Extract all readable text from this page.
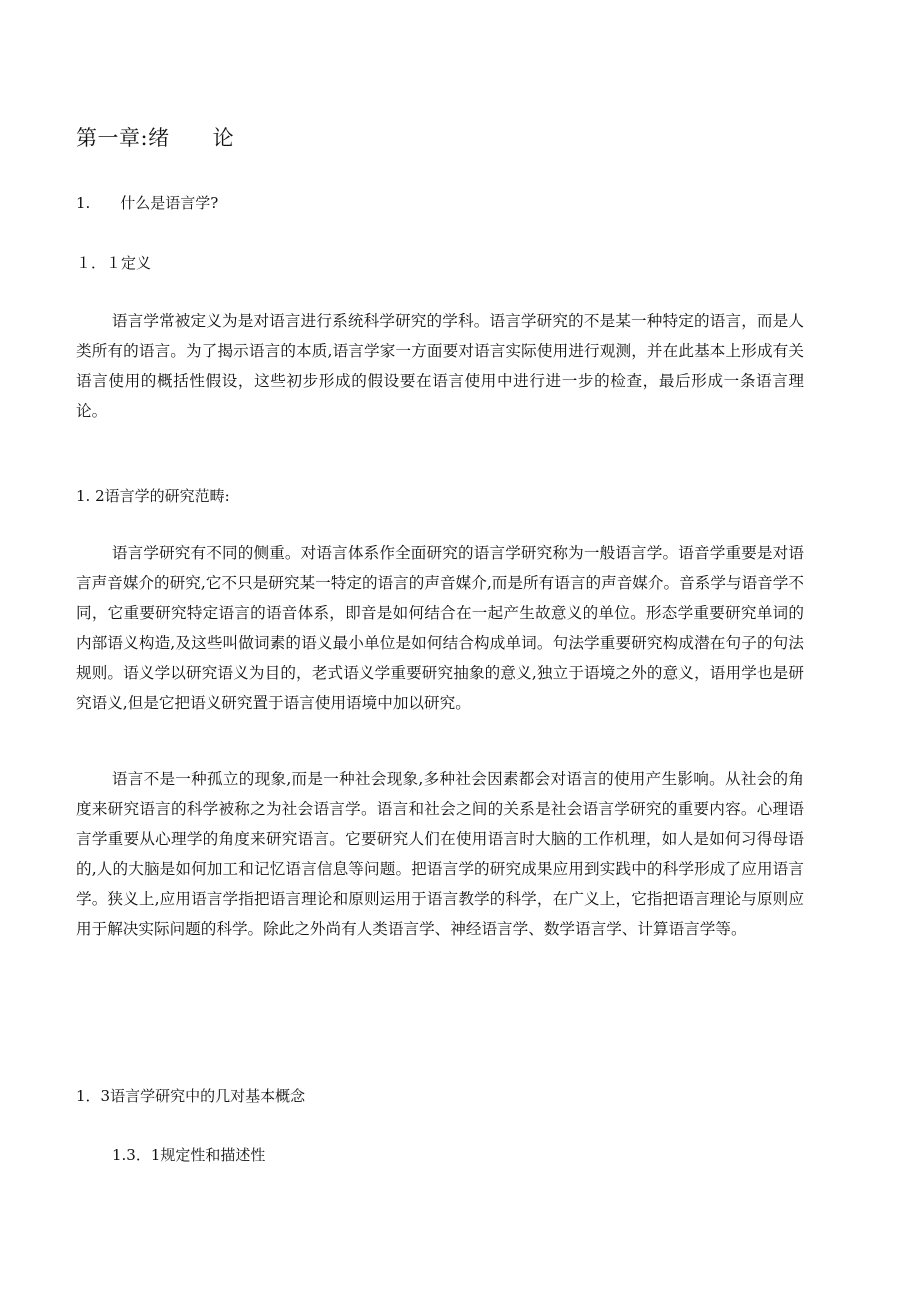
第一章:绪　　论
1.　　什么是语言学?
１．１定义

语言学常被定义为是对语言进行系统科学研究的学科。语言学研究的不是某一种特定的语言，而是人类所有的语言。为了揭示语言的本质,语言学家一方面要对语言实际使用进行观测，并在此基本上形成有关语言使用的概括性假设，这些初步形成的假设要在语言使用中进行进一步的检查，最后形成一条语言理论。

1. 2语言学的研究范畴:

语言学研究有不同的侧重。对语言体系作全面研究的语言学研究称为一般语言学。语音学重要是对语言声音媒介的研究,它不只是研究某一特定的语言的声音媒介,而是所有语言的声音媒介。音系学与语音学不同，它重要研究特定语言的语音体系，即音是如何结合在一起产生故意义的单位。形态学重要研究单词的内部语义构造,及这些叫做词素的语义最小单位是如何结合构成单词。句法学重要研究构成潜在句子的句法规则。语义学以研究语义为目的，老式语义学重要研究抽象的意义,独立于语境之外的意义，语用学也是研究语义,但是它把语义研究置于语言使用语境中加以研究。

语言不是一种孤立的现象,而是一种社会现象,多种社会因素都会对语言的使用产生影响。从社会的角度来研究语言的科学被称之为社会语言学。语言和社会之间的关系是社会语言学研究的重要内容。心理语言学重要从心理学的角度来研究语言。它要研究人们在使用语言时大脑的工作机理，如人是如何习得母语的,人的大脑是如何加工和记忆语言信息等问题。把语言学的研究成果应用到实践中的科学形成了应用语言学。狭义上,应用语言学指把语言理论和原则运用于语言教学的科学，在广义上，它指把语言理论与原则应用于解决实际问题的科学。除此之外尚有人类语言学、神经语言学、数学语言学、计算语言学等。

1．3语言学研究中的几对基本概念
1.3．1规定性和描述性
